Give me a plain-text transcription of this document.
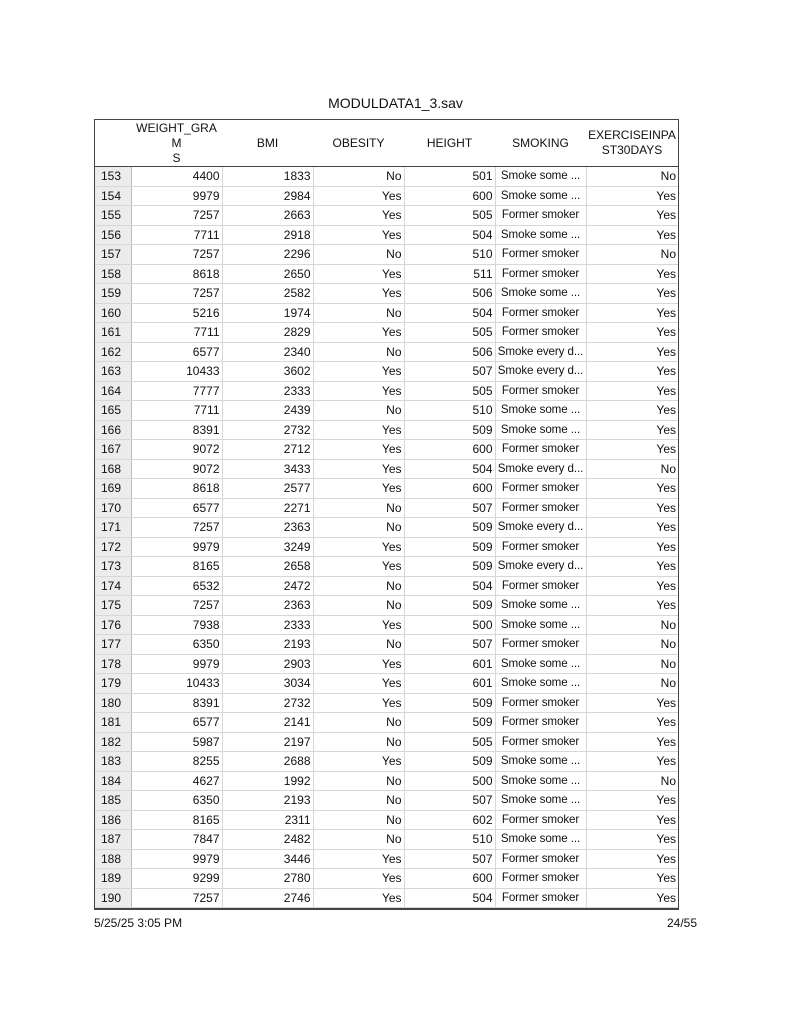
MODULDATA1_3.sav
	WEIGHT_GRAM
S	BMI	OBESITY	HEIGHT	SMOKING	EXERCISEINPA
ST30DAYS
153	4400	1833	No	501	Smoke some ...	No
154	9979	2984	Yes	600	Smoke some ...	Yes
155	7257	2663	Yes	505	Former smoker	Yes
156	7711	2918	Yes	504	Smoke some ...	Yes
157	7257	2296	No	510	Former smoker	No
158	8618	2650	Yes	511	Former smoker	Yes
159	7257	2582	Yes	506	Smoke some ...	Yes
160	5216	1974	No	504	Former smoker	Yes
161	7711	2829	Yes	505	Former smoker	Yes
162	6577	2340	No	506	Smoke every d...	Yes
163	10433	3602	Yes	507	Smoke every d...	Yes
164	7777	2333	Yes	505	Former smoker	Yes
165	7711	2439	No	510	Smoke some ...	Yes
166	8391	2732	Yes	509	Smoke some ...	Yes
167	9072	2712	Yes	600	Former smoker	Yes
168	9072	3433	Yes	504	Smoke every d...	No
169	8618	2577	Yes	600	Former smoker	Yes
170	6577	2271	No	507	Former smoker	Yes
171	7257	2363	No	509	Smoke every d...	Yes
172	9979	3249	Yes	509	Former smoker	Yes
173	8165	2658	Yes	509	Smoke every d...	Yes
174	6532	2472	No	504	Former smoker	Yes
175	7257	2363	No	509	Smoke some ...	Yes
176	7938	2333	Yes	500	Smoke some ...	No
177	6350	2193	No	507	Former smoker	No
178	9979	2903	Yes	601	Smoke some ...	No
179	10433	3034	Yes	601	Smoke some ...	No
180	8391	2732	Yes	509	Former smoker	Yes
181	6577	2141	No	509	Former smoker	Yes
182	5987	2197	No	505	Former smoker	Yes
183	8255	2688	Yes	509	Smoke some ...	Yes
184	4627	1992	No	500	Smoke some ...	No
185	6350	2193	No	507	Smoke some ...	Yes
186	8165	2311	No	602	Former smoker	Yes
187	7847	2482	No	510	Smoke some ...	Yes
188	9979	3446	Yes	507	Former smoker	Yes
189	9299	2780	Yes	600	Former smoker	Yes
190	7257	2746	Yes	504	Former smoker	Yes
5/25/25 3:05 PM	24/55
